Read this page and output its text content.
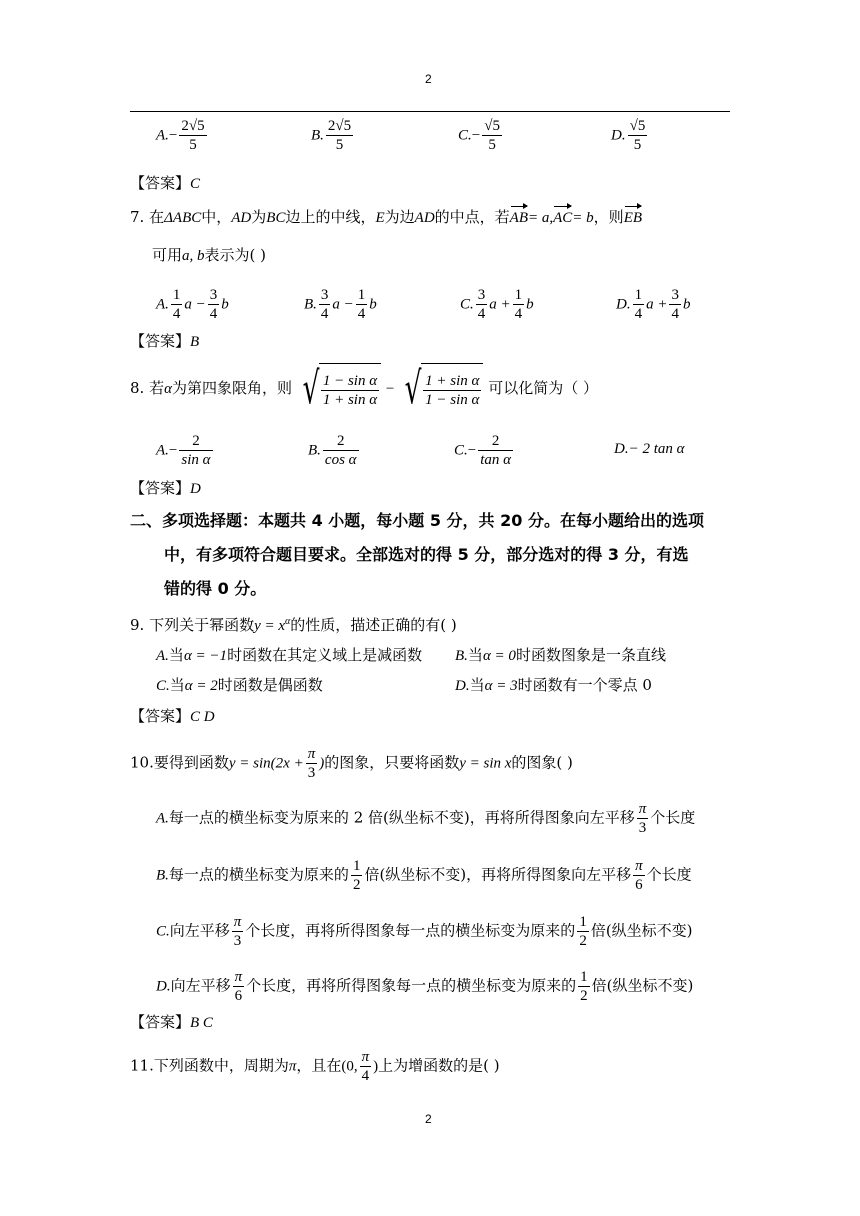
2
$A.- \frac{2√5}{5}$	B. $\frac{2√5}{5}$	$C.- \frac{√5}{5}$	D. $\frac{√5}{5}$
【答案】C
7. 在ΔABC中，AD为BC边上的中线，E为边AD的中点，若AB= a,AC= b，则EB
可用a, b表示为( )
A. $\frac{1}{4}$ $a - \frac{3}{4}$ b	B. $\frac{3}{4}$ $a - \frac{1}{4}$ b	C. $\frac{3}{4}$ $a + \frac{1}{4}$ b	D. $\frac{1}{4}$ $a + \frac{3}{4}$ b
【答案】B
8. 若α为第四象限角，则 √ $\frac{\text{1 − sin α}}{\text{1 + sin α}}$ − √ $\frac{\text{1 + sin α}}{\text{1 − sin α}}$ 可以化简为（ ）
$A.- \frac{2}{\text{sin α}}$	B. $\frac{2}{\text{cos α}}$	$C.- \frac{2}{\text{tan α}}$	D.− 2 tan α
【答案】D
二、多项选择题：本题共 4 小题，每小题 5 分，共 20 分。在每小题给出的选项
中，有多项符合题目要求。全部选对的得 5 分，部分选对的得 3 分，有选
错的得 0 分。
9. 下列关于幂函数$y = x^\alpha$的性质，描述正确的有( )
A.当α = −1时函数在其定义域上是减函数 B.当α = 0时函数图象是一条直线
C.当α = 2时函数是偶函数	D.当α = 3时函数有一个零点 0
【答案】C D
10.要得到函数$y = \sin(2x + \frac{\pi}{3}$ )的图象，只要将函数y = sin x的图象( )
A.每一点的横坐标变为原来的 2 倍(纵坐标不变)，再将所得图象向左平移 $\frac{\pi}{3}$ 个长度
B.每一点的横坐标变为原来的 $\frac{1}{2}$ 倍(纵坐标不变)，再将所得图象向左平移 $\frac{\pi}{6}$ 个长度
C.向左平移 $\frac{\pi}{3}$ 个长度，再将所得图象每一点的横坐标变为原来的 $\frac{1}{2}$ 倍(纵坐标不变)
D.向左平移 $\frac{\pi}{6}$ 个长度，再将所得图象每一点的横坐标变为原来的 $\frac{1}{2}$ 倍(纵坐标不变)
【答案】B C
11.下列函数中，周期为π，且在(0, $\frac{\pi}{4}$ )上为增函数的是( )
2
